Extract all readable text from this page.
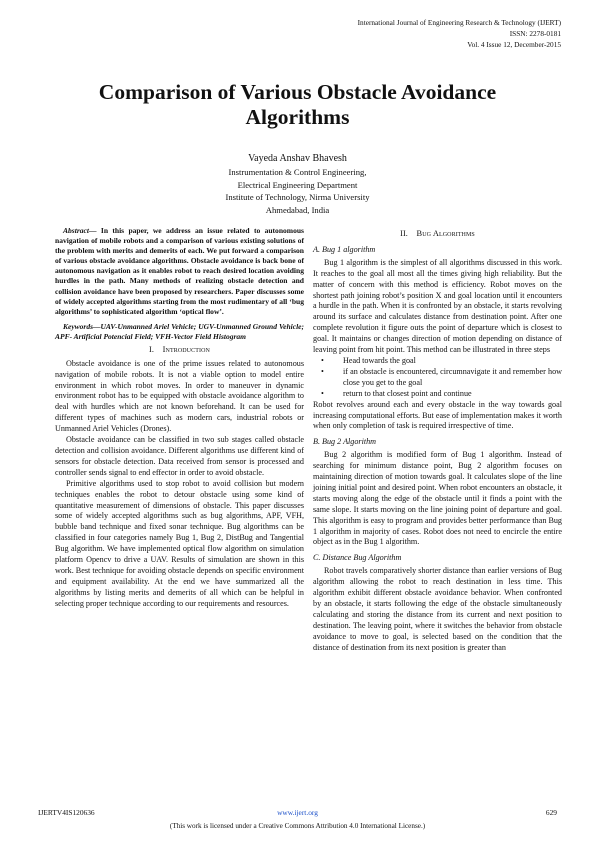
International Journal of Engineering Research & Technology (IJERT)
ISSN: 2278-0181
Vol. 4 Issue 12, December-2015
Comparison of Various Obstacle Avoidance Algorithms
Vayeda Anshav Bhavesh
Instrumentation & Control Engineering,
Electrical Engineering Department
Institute of Technology, Nirma University
Ahmedabad, India

Abstract— In this paper, we address an issue related to autonomous navigation of mobile robots and a comparison of various existing solutions of the problem with merits and demerits of each. We put forward a comparison of various obstacle avoidance algorithms. Obstacle avoidance is back bone of autonomous navigation as it enables robot to reach desired location avoiding hurdles in the path. Many methods of realizing obstacle detection and collision avoidance have been proposed by researchers. Paper discusses some of widely accepted algorithms starting from the most rudimentary of all ‘bug algorithms’ to sophisticated algorithm ‘optical flow’.

Keywords—UAV-Unmanned Ariel Vehicle; UGV-Unmanned Ground Vehicle; APF- Artificial Potencial Field; VFH-Vector Field Histogram

I. Introduction

Obstacle avoidance is one of the prime issues related to autonomous navigation of mobile robots. It is not a viable option to model entire environment in which robot moves. In order to maneuver in dynamic environment robot has to be equipped with obstacle avoidance algorithm to deal with hurdles which are not known beforehand. It can be used for different types of machines such as modern cars, industrial robots or Unmanned Ariel Vehicles (Drones).

Obstacle avoidance can be classified in two sub stages called obstacle detection and collision avoidance. Different algorithms use different kind of sensors for obstacle detection. Data received from sensor is processed and controller sends signal to end effector in order to avoid obstacle.

Primitive algorithms used to stop robot to avoid collision but modern techniques enables the robot to detour obstacle using some kind of quantitative measurement of dimensions of obstacle. This paper discusses some of widely accepted algorithms such as bug algorithms, APF, VFH, bubble band technique and fixed sonar technique. Bug algorithms can be classified in four categories namely Bug 1, Bug 2, DistBug and Tangential Bug algorithm. We have implemented optical flow algorithm on simulation platform Opencv to drive a UAV. Results of simulation are shown in this work. Best technique for avoiding obstacle depends on specific environment and equipment availability. At the end we have summarized all the algorithms by listing merits and demerits of all which can be helpful in selecting proper technique according to our requirements and resources.

II. Bug Algorithms
A. Bug 1 algorithm

Bug 1 algorithm is the simplest of all algorithms discussed in this work. It reaches to the goal all most all the times giving high reliability. But the matter of concern with this method is efficiency. Robot moves on the shortest path joining robot’s position X and goal location until it encounters a hurdle in the path. When it is confronted by an obstacle, it starts revolving around its surface and calculates distance from destination point. After one complete revolution it figure outs the point of departure which is closest to goal. It maintains or changes direction of motion depending on distance of leaving point from hit point. This method can be illustrated in three steps

• Head towards the goal
• if an obstacle is encountered, circumnavigate it and remember how close you get to the goal
• return to that closest point and continue

Robot revolves around each and every obstacle in the way towards goal increasing computational efforts. But ease of implementation makes it worth when only completion of task is required irrespective of time.

B. Bug 2 Algorithm

Bug 2 algorithm is modified form of Bug 1 algorithm. Instead of searching for minimum distance point, Bug 2 algorithm focuses on maintaining direction of motion towards goal. It calculates slope of the line joining initial point and desired point. When robot encounters an obstacle, it starts moving along the edge of the obstacle until it finds a point with the same slope. It starts moving on the line joining point of departure and goal. This algorithm is easy to program and provides better performance than Bug 1 algorithm in majority of cases. Robot does not need to encircle the entire object as in the Bug 1 algorithm.

C. Distance Bug Algorithm

Robot travels comparatively shorter distance than earlier versions of Bug algorithm allowing the robot to reach destination in less time. This algorithm exhibit different obstacle avoidance behavior. When confronted by an obstacle, it starts following the edge of the obstacle simultaneously calculating and storing the distance from its current and next position to destination. The leaving point, where it switches the behavior from obstacle avoidance to move to goal, is selected based on the condition that the distance of destination from its next position is greater than

IJERTV4IS120636	www.ijert.org	629
(This work is licensed under a Creative Commons Attribution 4.0 International License.)
